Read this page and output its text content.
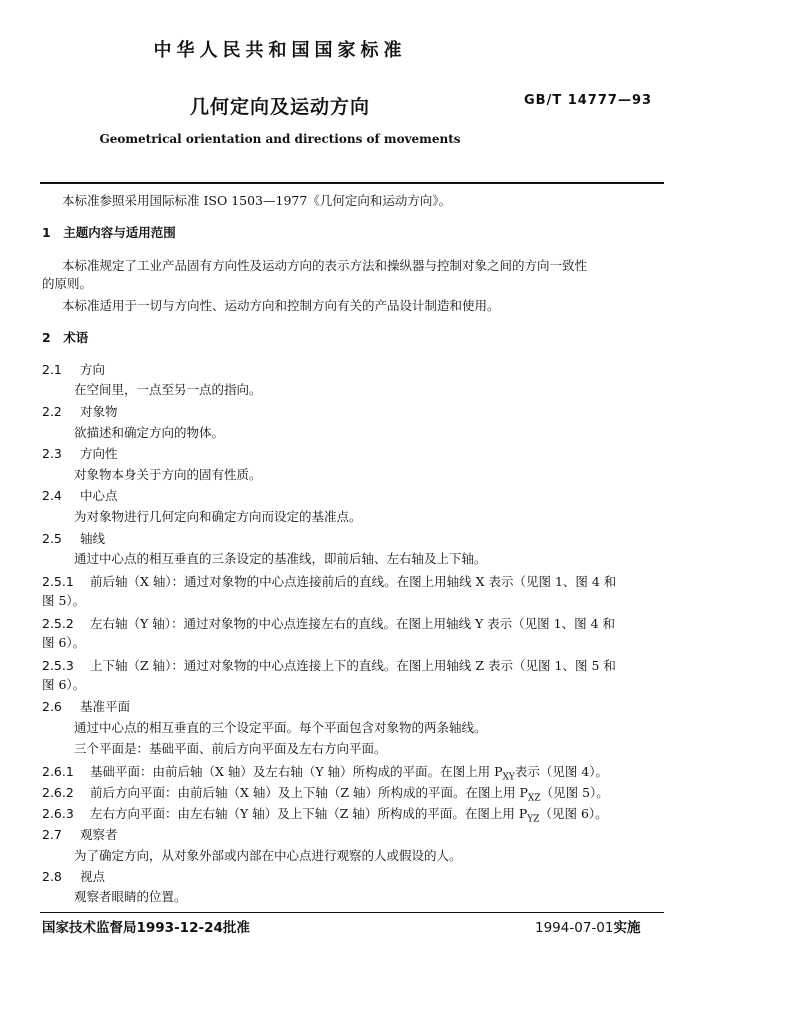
中华人民共和国国家标准
几何定向及运动方向	GB/T 14777—93
Geometrical orientation and directions of movements
本标准参照采用国际标准 ISO 1503—1977《几何定向和运动方向》。
1　主题内容与适用范围
本标准规定了工业产品固有方向性及运动方向的表示方法和操纵器与控制对象之间的方向一致性
的原则。
本标准适用于一切与方向性、运动方向和控制方向有关的产品设计制造和使用。
2　术语
2.1 方向
在空间里，一点至另一点的指向。
2.2 对象物
欲描述和确定方向的物体。
2.3 方向性
对象物本身关于方向的固有性质。
2.4 中心点
为对象物进行几何定向和确定方向而设定的基准点。
2.5 轴线
通过中心点的相互垂直的三条设定的基准线，即前后轴、左右轴及上下轴。
2.5.1 前后轴（X 轴）：通过对象物的中心点连接前后的直线。在图上用轴线 X 表示（见图 1、图 4 和
图 5）。
2.5.2 左右轴（Y 轴）：通过对象物的中心点连接左右的直线。在图上用轴线 Y 表示（见图 1、图 4 和
图 6）。
2.5.3 上下轴（Z 轴）：通过对象物的中心点连接上下的直线。在图上用轴线 Z 表示（见图 1、图 5 和
图 6）。
2.6 基准平面
通过中心点的相互垂直的三个设定平面。每个平面包含对象物的两条轴线。
三个平面是：基础平面、前后方向平面及左右方向平面。
2.6.1 基础平面：由前后轴（X 轴）及左右轴（Y 轴）所构成的平面。在图上用 $P_{XY}$表示（见图 4）。
2.6.2 前后方向平面：由前后轴（X 轴）及上下轴（Z 轴）所构成的平面。在图上用 $P_{XZ}$（见图 5）。
2.6.3 左右方向平面：由左右轴（Y 轴）及上下轴（Z 轴）所构成的平面。在图上用 $P_{YZ}$（见图 6）。
2.7 观察者
为了确定方向，从对象外部或内部在中心点进行观察的人或假设的人。
2.8 视点
观察者眼睛的位置。
国家技术监督局1993-12-24批准	1994-07-01实施
